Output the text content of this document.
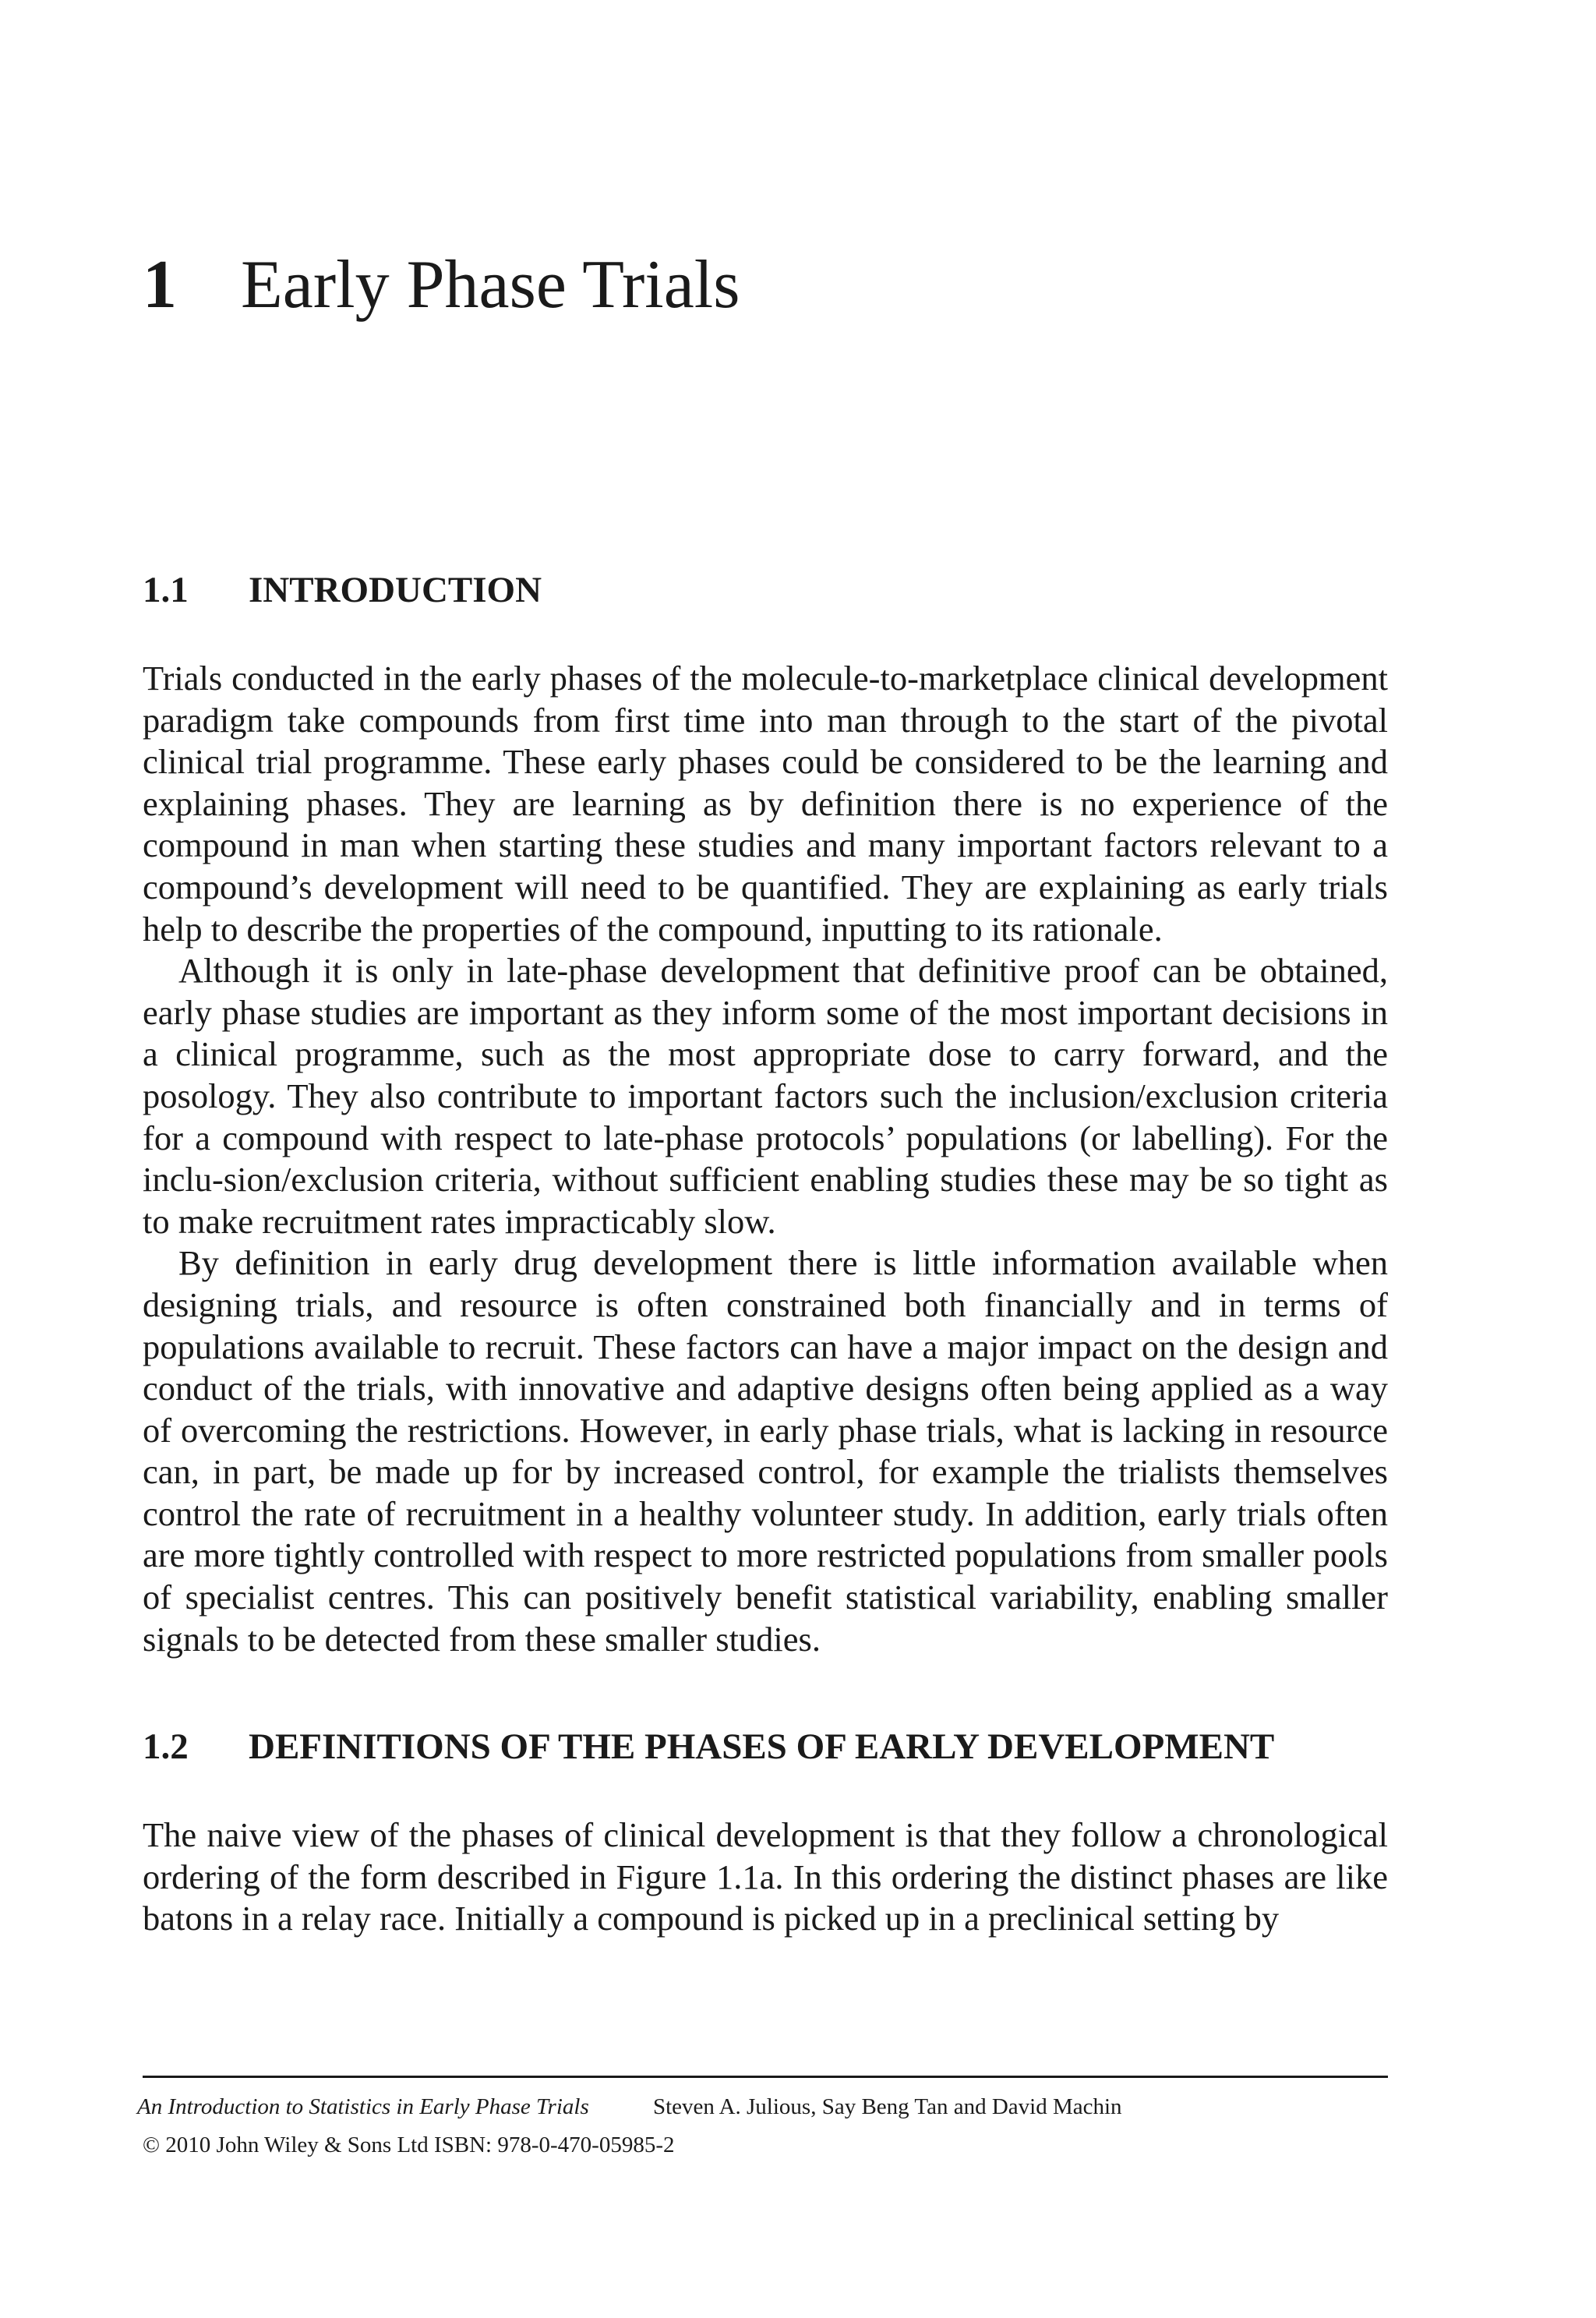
1 Early Phase Trials
1.1 INTRODUCTION

Trials conducted in the early phases of the molecule-to-marketplace clinical development paradigm take compounds from first time into man through to the start of the pivotal clinical trial programme. These early phases could be considered to be the learning and explaining phases. They are learning as by definition there is no experience of the compound in man when starting these studies and many important factors relevant to a compound’s development will need to be quantified. They are explaining as early trials help to describe the properties of the compound, inputting to its rationale.

Although it is only in late-phase development that definitive proof can be obtained, early phase studies are important as they inform some of the most important decisions in a clinical programme, such as the most appropriate dose to carry forward, and the posology. They also contribute to important factors such the inclusion/exclusion criteria for a compound with respect to late-phase protocols’ populations (or labelling). For the inclu-sion/exclusion criteria, without sufficient enabling studies these may be so tight as to make recruitment rates impracticably slow.

By definition in early drug development there is little information available when designing trials, and resource is often constrained both financially and in terms of populations available to recruit. These factors can have a major impact on the design and conduct of the trials, with innovative and adaptive designs often being applied as a way of overcoming the restrictions. However, in early phase trials, what is lacking in resource can, in part, be made up for by increased control, for example the trialists themselves control the rate of recruitment in a healthy volunteer study. In addition, early trials often are more tightly controlled with respect to more restricted populations from smaller pools of specialist centres. This can positively benefit statistical variability, enabling smaller signals to be detected from these smaller studies.

1.2 DEFINITIONS OF THE PHASES OF EARLY DEVELOPMENT

The naive view of the phases of clinical development is that they follow a chronological ordering of the form described in Figure 1.1a. In this ordering the distinct phases are like batons in a relay race. Initially a compound is picked up in a preclinical setting by

An Introduction to Statistics in Early Phase Trials	Steven A. Julious, Say Beng Tan and David Machin
© 2010 John Wiley & Sons Ltd ISBN: 978-0-470-05985-2
